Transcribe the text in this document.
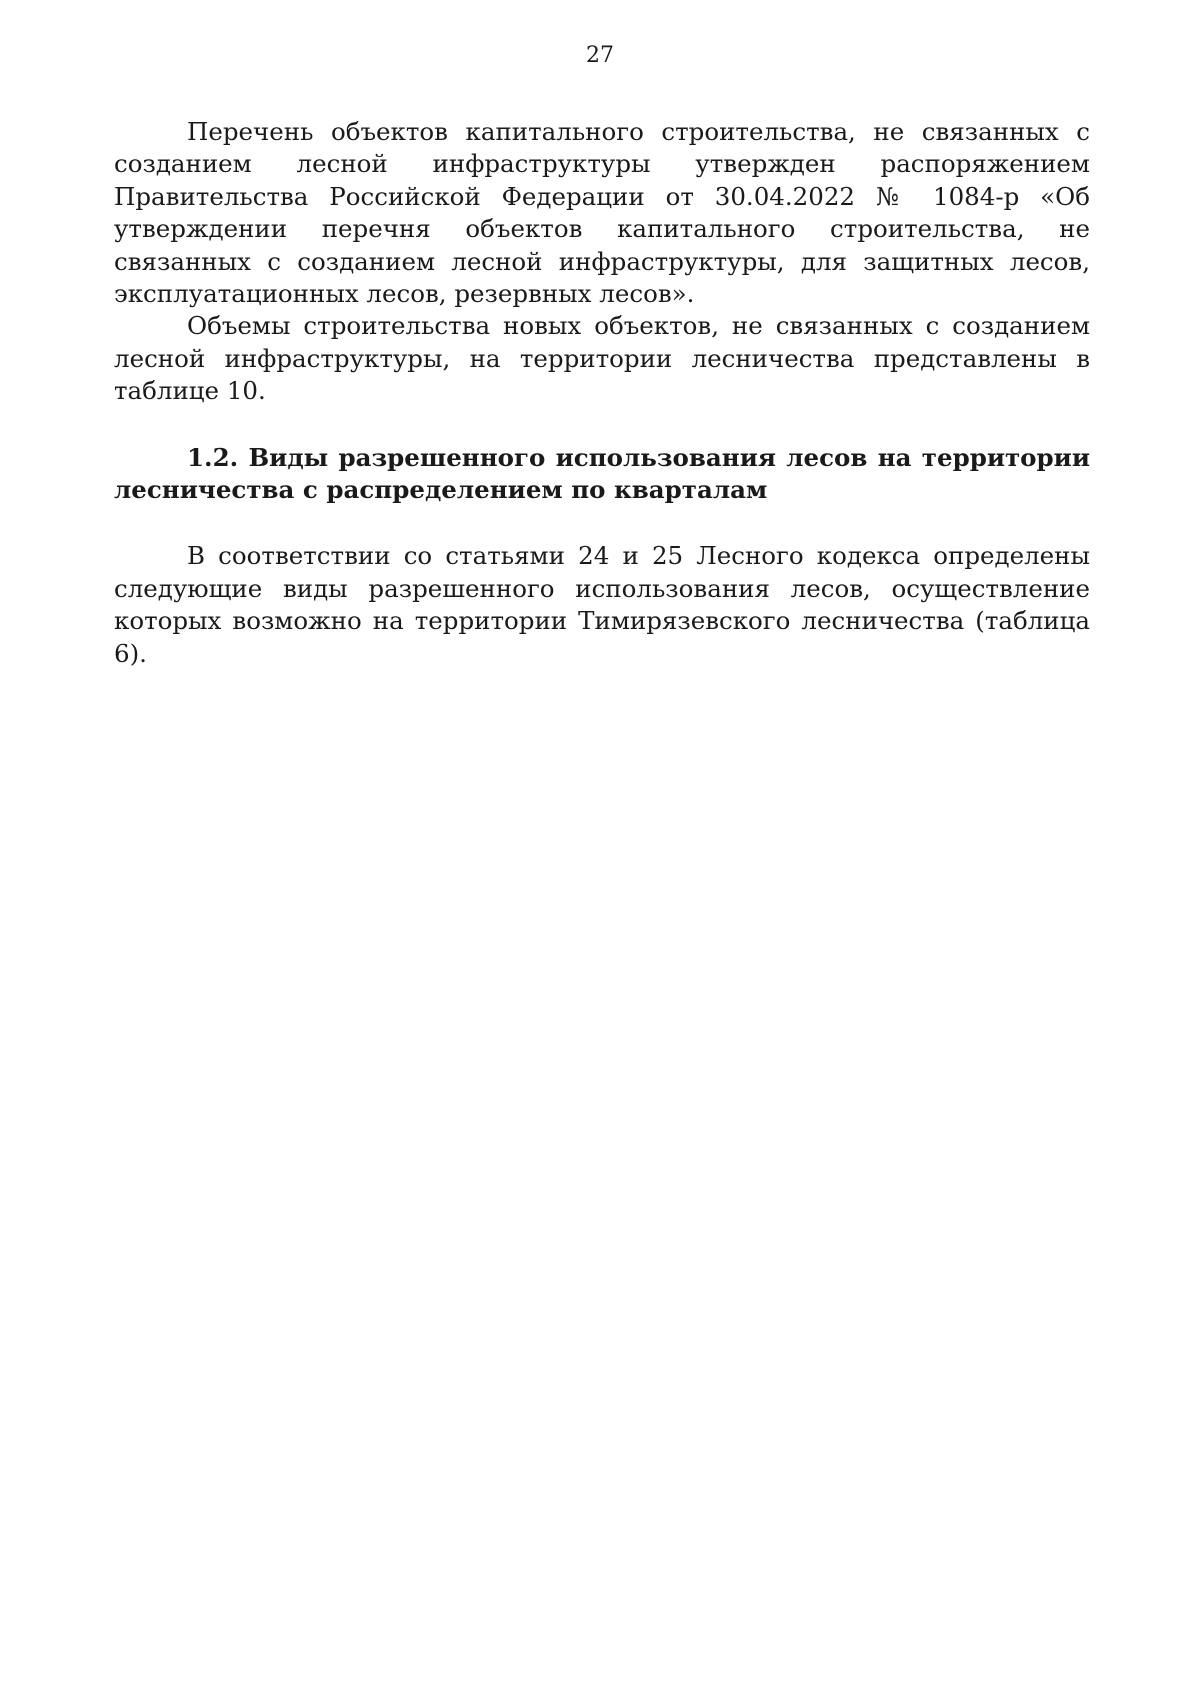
27

Перечень объектов капитального строительства, не связанных с созданием лесной инфраструктуры утвержден распоряжением Правительства Российской Федерации от 30.04.2022 № 1084-р «Об утверждении перечня объектов капитального строительства, не связанных с созданием лесной инфраструктуры, для защитных лесов, эксплуатационных лесов, резервных лесов».

Объемы строительства новых объектов, не связанных с созданием лесной инфраструктуры, на территории лесничества представлены в таблице 10.

1.2. Виды разрешенного использования лесов на территории лесничества с распределением по кварталам

В соответствии со статьями 24 и 25 Лесного кодекса определены следующие виды разрешенного использования лесов, осуществление которых возможно на территории Тимирязевского лесничества (таблица 6).
